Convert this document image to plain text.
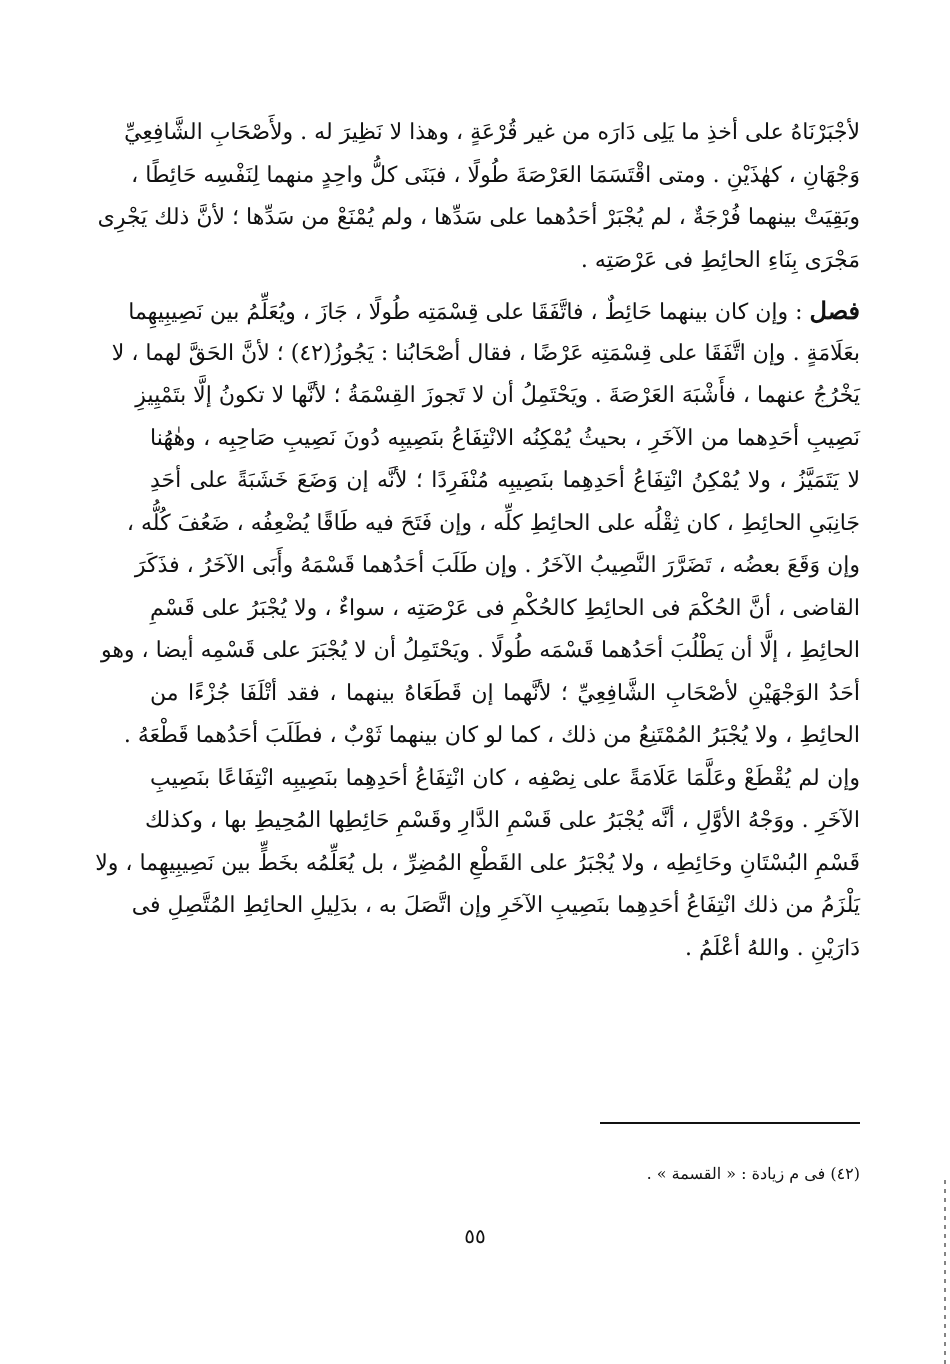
لأجْبَرْنَاهُ على أخذِ ما يَلِى دَارَه من غير قُرْعَةٍ ، وهذا لا نَظِيرَ له . ولأَصْحَابِ الشَّافِعِيِّ
وَجْهَانِ ، كهٰذَيْنِ . ومتى اقْتَسَمَا العَرْصَةَ طُولًا ، فبَنَى كلُّ واحِدٍ منهما لِنَفْسِه حَائِطًا ،
وبَقِيَتْ بينهما فُرْجَةٌ ، لم يُجْبَرْ أحَدُهما على سَدِّها ، ولم يُمْنَعْ من سَدِّها ؛ لأنَّ ذلك يَجْرِى
مَجْرَى بِنَاءِ الحائِطِ فى عَرْصَتِه .
فصل : وإن كان بينهما حَائِطٌ ، فاتَّفَقَا على قِسْمَتِه طُولًا ، جَازَ ، ويُعَلِّمُ بين نَصِيبِيهِما
بعَلَامَةٍ . وإن اتَّفَقَا على قِسْمَتِه عَرْضًا ، فقال أصْحَابُنا : يَجُوزُ(٤٢) ؛ لأنَّ الحَقَّ لهما ، لا
يَخْرُجُ عنهما ، فأَشْبَهَ العَرْصَةَ . ويَحْتَمِلُ أن لا تَجوزَ القِسْمَةُ ؛ لأنَّها لا تكونُ إلَّا بتَمْيِيزِ
نَصِيبِ أحَدِهما من الآخَرِ ، بحيثُ يُمْكِنُه الانْتِفَاعُ بنَصِيبِه دُونَ نَصِيبِ صَاحِبِه ، وهٰهُنا
لا يَتَمَيَّزُ ، ولا يُمْكِنُ انْتِفَاعُ أحَدِهِما بنَصِيبِه مُنْفَرِدًا ؛ لأنَّه إن وَضَعَ خَشَبَةً على أحَدِ
جَانِبَىِ الحائِطِ ، كان ثِقْلُه على الحائِطِ كلِّه ، وإن فَتَحَ فيه طَاقًا يُضْعِفُه ، ضَعُفَ كُلُّه ،
وإن وَقَعَ بعضُه ، تَضَرَّرَ النَّصِيبُ الآخَرُ . وإن طَلَبَ أحَدُهما قَسْمَهُ وأَبَى الآخَرُ ، فذَكَرَ
القاضى ، أنَّ الحُكْمَ فى الحائِطِ كالحُكْمِ فى عَرْصَتِه ، سواءٌ ، ولا يُجْبَرُ على قَسْمِ
الحائِطِ ، إلَّا أن يَطْلُبَ أحَدُهما قَسْمَه طُولًا . ويَحْتَمِلُ أن لا يُجْبَرَ على قَسْمِه أيضا ، وهو
أحَدُ الوَجْهَيْنِ لأصْحَابِ الشَّافِعِيِّ ؛ لأنَّهما إن قَطَعَاهُ بينهما ، فقد أتْلَفَا جُزْءًا من
الحائِطِ ، ولا يُجْبَرُ المُمْتَنِعُ من ذلك ، كما لو كان بينهما ثَوْبٌ ، فطَلَبَ أحَدُهما قَطْعَهُ .
وإن لم يُقْطَعْ وعَلَّمَا عَلَامَةً على نِصْفِه ، كان انْتِفَاعُ أحَدِهِما بنَصِيبِه انْتِفَاعًا بنَصِيبِ
الآخَرِ . ووَجْهُ الأوَّلِ ، أنَّه يُجْبَرُ على قَسْمِ الدَّارِ وقَسْمِ حَائِطِها المُحِيطِ بها ، وكذلك
قَسْمِ البُسْتَانِ وحَائِطِه ، ولا يُجْبَرُ على القَطْعِ المُضِرِّ ، بل يُعَلِّمُه بخَطٍّ بين نَصِيبِيهِما ، ولا
يَلْزَمُ من ذلك انْتِفَاعُ أحَدِهِما بنَصِيبِ الآخَرِ وإن اتَّصَلَ به ، بدَلِيلِ الحائِطِ المُتَّصِلِ فى
دَارَيْنِ . واللهُ أعْلَمُ .
(٤٢) فى م زيادة : « القسمة » .
٥٥
